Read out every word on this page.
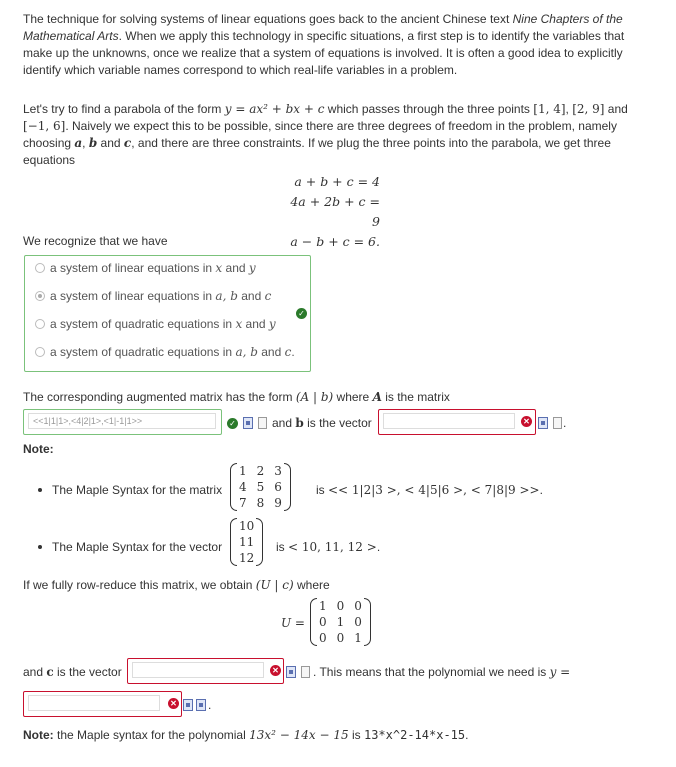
The technique for solving systems of linear equations goes back to the ancient Chinese text Nine Chapters of the Mathematical Arts. When we apply this technology in specific situations, a first step is to identify the variables that make up the unknowns, once we realize that a system of equations is involved. It is often a good idea to explicitly identify which variable names correspond to which real-life variables in a problem.

Let's try to find a parabola of the form y = ax² + bx + c which passes through the three points [1, 4], [2, 9] and
[−1, 6]. Naively we expect this to be possible, since there are three degrees of freedom in the problem, namely
choosing a, b and c, and there are three constraints. If we plug the three points into the parabola, we get three
equations

a + b + c = 4
4a + 2b + c = 9
a − b + c = 6.

We recognize that we have

a system of linear equations in x and y
a system of linear equations in a, b and c
a system of quadratic equations in x and y
a system of quadratic equations in a, b and c.
✓

The corresponding augmented matrix has the form (A | b) where A is the matrix

<<1|1|1>,<4|2|1>,<1|-1|1>>
✓	and b is the vector	✕	.

Note:

The Maple Syntax for the matrix
1	2	3
4	5	6
7	8	9
is << 1|2|3 >, < 4|5|6 >, < 7|8|9 >>.
The Maple Syntax for the vector
10
11
12
is < 10, 11, 12 >.

If we fully row-reduce this matrix, we obtain (U | c) where

U =
1	0	0
0	1	0
0	0	1
and c is the vector	✕	. This means that the polynomial we need is y =
✕	.

Note: the Maple syntax for the polynomial 13x² − 14x − 15 is 13*x^2-14*x-15.
